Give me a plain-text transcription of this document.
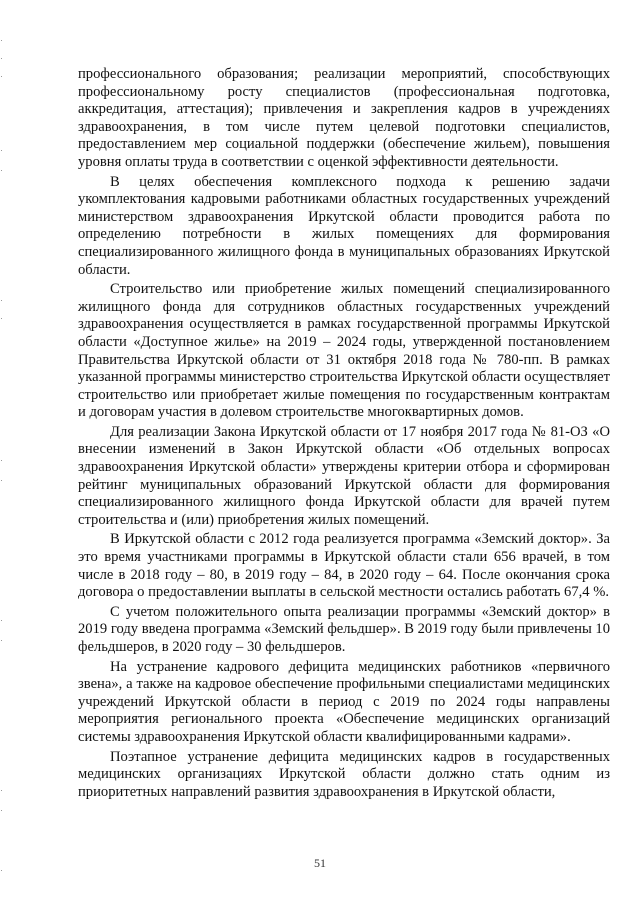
профессионального образования; реализации мероприятий, способствующих профессиональному росту специалистов (профессиональная подготовка, аккредитация, аттестация); привлечения и закрепления кадров в учреждениях здравоохранения, в том числе путем целевой подготовки специалистов, предоставлением мер социальной поддержки (обеспечение жильем), повышения уровня оплаты труда в соответствии с оценкой эффективности деятельности.

В целях обеспечения комплексного подхода к решению задачи укомплектования кадровыми работниками областных государственных учреждений министерством здравоохранения Иркутской области проводится работа по определению потребности в жилых помещениях для формирования специализированного жилищного фонда в муниципальных образованиях Иркутской области.

Строительство или приобретение жилых помещений специализированного жилищного фонда для сотрудников областных государственных учреждений здравоохранения осуществляется в рамках государственной программы Иркутской области «Доступное жилье» на 2019 – 2024 годы, утвержденной постановлением Правительства Иркутской области от 31 октября 2018 года № 780-пп. В рамках указанной программы министерство строительства Иркутской области осуществляет строительство или приобретает жилые помещения по государственным контрактам и договорам участия в долевом строительстве многоквартирных домов.

Для реализации Закона Иркутской области от 17 ноября 2017 года № 81-ОЗ «О внесении изменений в Закон Иркутской области «Об отдельных вопросах здравоохранения Иркутской области» утверждены критерии отбора и сформирован рейтинг муниципальных образований Иркутской области для формирования специализированного жилищного фонда Иркутской области для врачей путем строительства и (или) приобретения жилых помещений.

В Иркутской области с 2012 года реализуется программа «Земский доктор». За это время участниками программы в Иркутской области стали 656 врачей, в том числе в 2018 году – 80, в 2019 году – 84, в 2020 году – 64. После окончания срока договора о предоставлении выплаты в сельской местности остались работать 67,4 %.

С учетом положительного опыта реализации программы «Земский доктор» в 2019 году введена программа «Земский фельдшер». В 2019 году были привлечены 10 фельдшеров, в 2020 году – 30 фельдшеров.

На устранение кадрового дефицита медицинских работников «первичного звена», а также на кадровое обеспечение профильными специалистами медицинских учреждений Иркутской области в период с 2019 по 2024 годы направлены мероприятия регионального проекта «Обеспечение медицинских организаций системы здравоохранения Иркутской области квалифицированными кадрами».

Поэтапное устранение дефицита медицинских кадров в государственных медицинских организациях Иркутской области должно стать одним из приоритетных направлений развития здравоохранения в Иркутской области,

51
